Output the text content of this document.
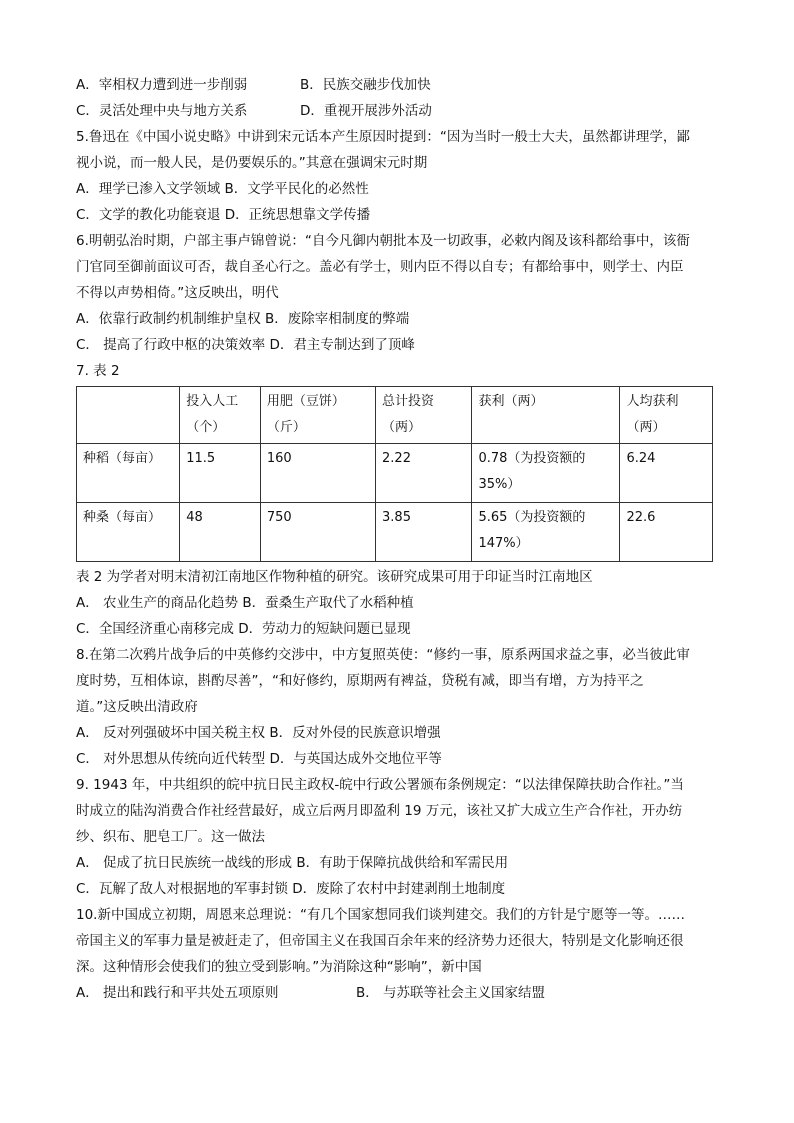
A．宰相权力遭到进一步削弱	B．民族交融步伐加快
C．灵活处理中央与地方关系	D．重视开展涉外活动
5.鲁迅在《中国小说史略》中讲到宋元话本产生原因时提到：“因为当时一般士大夫，虽然都讲理学，鄙
视小说，而一般人民，是仍要娱乐的。”其意在强调宋元时期
A．理学已渗入文学领域 B．文学平民化的必然性
C．文学的教化功能衰退 D．正统思想靠文学传播
6.明朝弘治时期，户部主事卢锦曾说：“自今凡御内朝批本及一切政事，必敕内阁及该科都给事中，该衙
门官同至御前面议可否，裁自圣心行之。盖必有学士，则内臣不得以自专；有都给事中，则学士、内臣
不得以声势相倚。”这反映出，明代
A．依靠行政制约机制维护皇权 B．废除宰相制度的弊端
C． 提高了行政中枢的决策效率 D．君主专制达到了顶峰
7. 表 2
	投入人工（个）	用肥（豆饼）（斤）	总计投资（两）	获利（两）	人均获利（两）
种稻（每亩）	11.5	160	2.22	0.78（为投资额的35%）	6.24
种桑（每亩）	48	750	3.85	5.65（为投资额的147%）	22.6
表 2 为学者对明末清初江南地区作物种植的研究。该研究成果可用于印证当时江南地区
A． 农业生产的商品化趋势 B．蚕桑生产取代了水稻种植
C．全国经济重心南移完成 D．劳动力的短缺问题已显现
8.在第二次鸦片战争后的中英修约交涉中，中方复照英使：“修约一事，原系两国求益之事，必当彼此审
度时势，互相体谅，斟酌尽善”，“和好修约，原期两有裨益，贷税有减，即当有增，方为持平之
道。”这反映出清政府
A． 反对列强破坏中国关税主权 B．反对外侵的民族意识增强
C． 对外思想从传统向近代转型 D．与英国达成外交地位平等
9. 1943 年，中共组织的皖中抗日民主政权-皖中行政公署颁布条例规定：“以法律保障扶助合作社。”当
时成立的陆沟消费合作社经营最好，成立后两月即盈利 19 万元，该社又扩大成立生产合作社，开办纺
纱、织布、肥皂工厂。这一做法
A． 促成了抗日民族统一战线的形成 B．有助于保障抗战供给和军需民用
C．瓦解了敌人对根据地的军事封锁 D．废除了农村中封建剥削土地制度
10.新中国成立初期，周恩来总理说：“有几个国家想同我们谈判建交。我们的方针是宁愿等一等。……
帝国主义的军事力量是被赶走了，但帝国主义在我国百余年来的经济势力还很大，特别是文化影响还很
深。这种情形会使我们的独立受到影响。”为消除这种“影响”，新中国
A． 提出和践行和平共处五项原则	B． 与苏联等社会主义国家结盟
